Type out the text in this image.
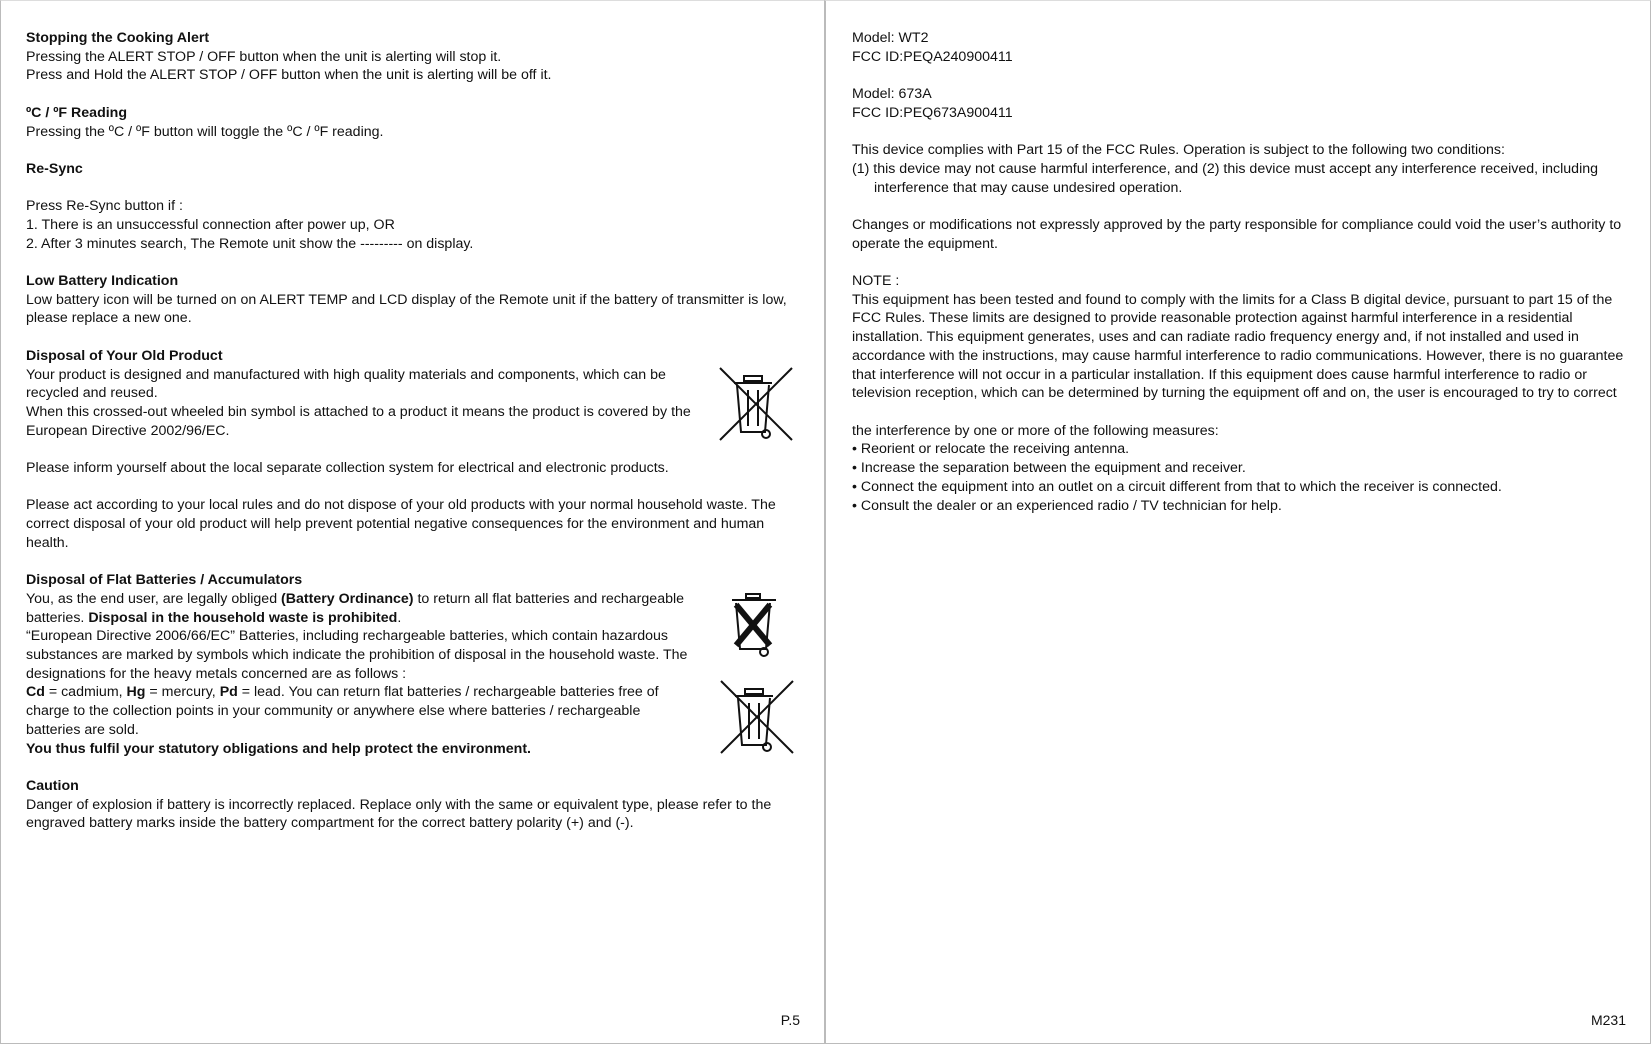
Stopping the Cooking Alert
Pressing the ALERT STOP / OFF button when the unit is alerting will stop it.
Press and Hold the ALERT STOP / OFF button when the unit is alerting will be off it.
ºC / ºF Reading
Pressing the ºC / ºF button will toggle the ºC / ºF reading.
Re-Sync
Press Re-Sync button if :
1. There is an unsuccessful connection after power up, OR
2. After 3 minutes search, The Remote unit show the --------- on display.
Low Battery Indication
Low battery icon will be turned on on ALERT TEMP and LCD display of the Remote unit if the battery of transmitter is low, please replace a new one.
Disposal of Your Old Product
Your product is designed and manufactured with high quality materials and components, which can be recycled and reused.
When this crossed-out wheeled bin symbol is attached to a product it means the product is covered by the European Directive 2002/96/EC.
Please inform yourself about the local separate collection system for electrical and electronic products.
Please act according to your local rules and do not dispose of your old products with your normal household waste. The correct disposal of your old product will help prevent potential negative consequences for the environment and human health.
Disposal of Flat Batteries / Accumulators
You, as the end user, are legally obliged (Battery Ordinance) to return all flat batteries and rechargeable batteries. Disposal in the household waste is prohibited.
“European Directive 2006/66/EC” Batteries, including rechargeable batteries, which contain hazardous substances are marked by symbols which indicate the prohibition of disposal in the household waste. The designations for the heavy metals concerned are as follows :
Cd = cadmium, Hg = mercury, Pd = lead. You can return flat batteries / rechargeable batteries free of charge to the collection points in your community or anywhere else where batteries / rechargeable batteries are sold.
You thus fulfil your statutory obligations and help protect the environment.
Caution
Danger of explosion if battery is incorrectly replaced. Replace only with the same or equivalent type, please refer to the engraved battery marks inside the battery compartment for the correct battery polarity (+) and (-).
P.5
Model: WT2
FCC ID:PEQA240900411
Model: 673A
FCC ID:PEQ673A900411
This device complies with Part 15 of the FCC Rules. Operation is subject to the following two conditions:
(1) this device may not cause harmful interference, and (2) this device must accept any interference received, including interference that may cause undesired operation.
Changes or modifications not expressly approved by the party responsible for compliance could void the user’s authority to operate the equipment.
NOTE :
This equipment has been tested and found to comply with the limits for a Class B digital device, pursuant to part 15 of the FCC Rules. These limits are designed to provide reasonable protection against harmful interference in a residential installation. This equipment generates, uses and can radiate radio frequency energy and, if not installed and used in accordance with the instructions, may cause harmful interference to radio communications. However, there is no guarantee that interference will not occur in a particular installation. If this equipment does cause harmful interference to radio or television reception, which can be determined by turning the equipment off and on, the user is encouraged to try to correct
the interference by one or more of the following measures:
• Reorient or relocate the receiving antenna.
• Increase the separation between the equipment and receiver.
• Connect the equipment into an outlet on a circuit different from that to which the receiver is connected.
• Consult the dealer or an experienced radio / TV technician for help.
M231
